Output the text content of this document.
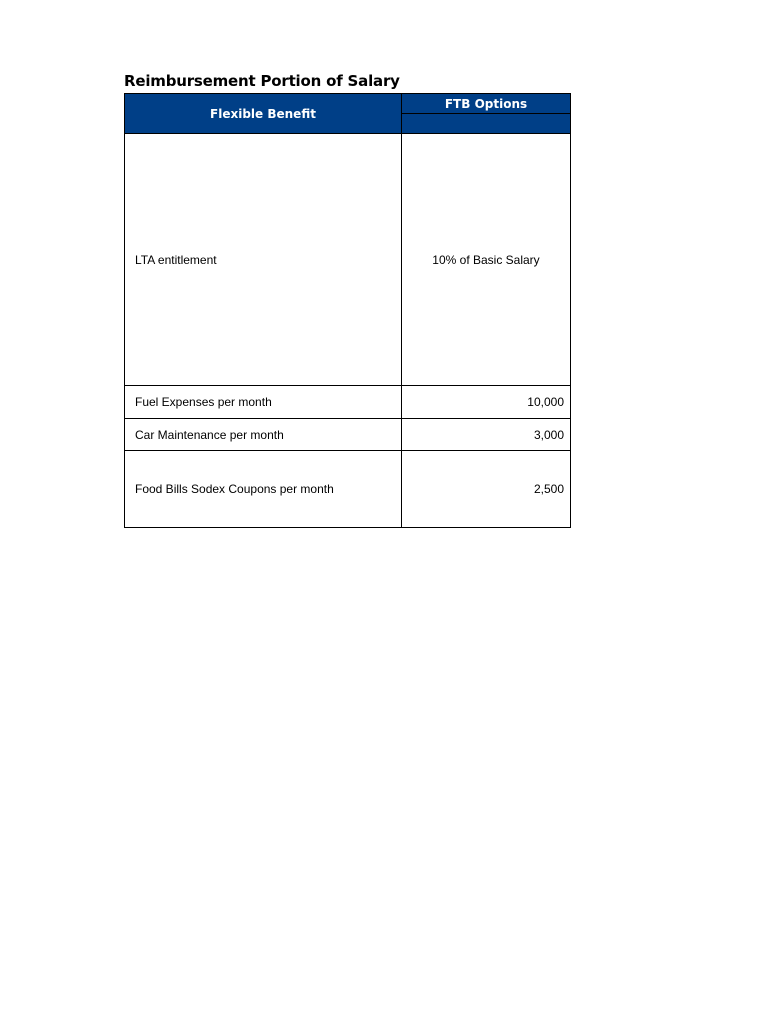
Reimbursement Portion of Salary
Flexible Benefit	FTB Options

LTA entitlement	10% of Basic Salary
Fuel Expenses per month	10,000
Car Maintenance per month	3,000
Food Bills Sodex Coupons per month	2,500
